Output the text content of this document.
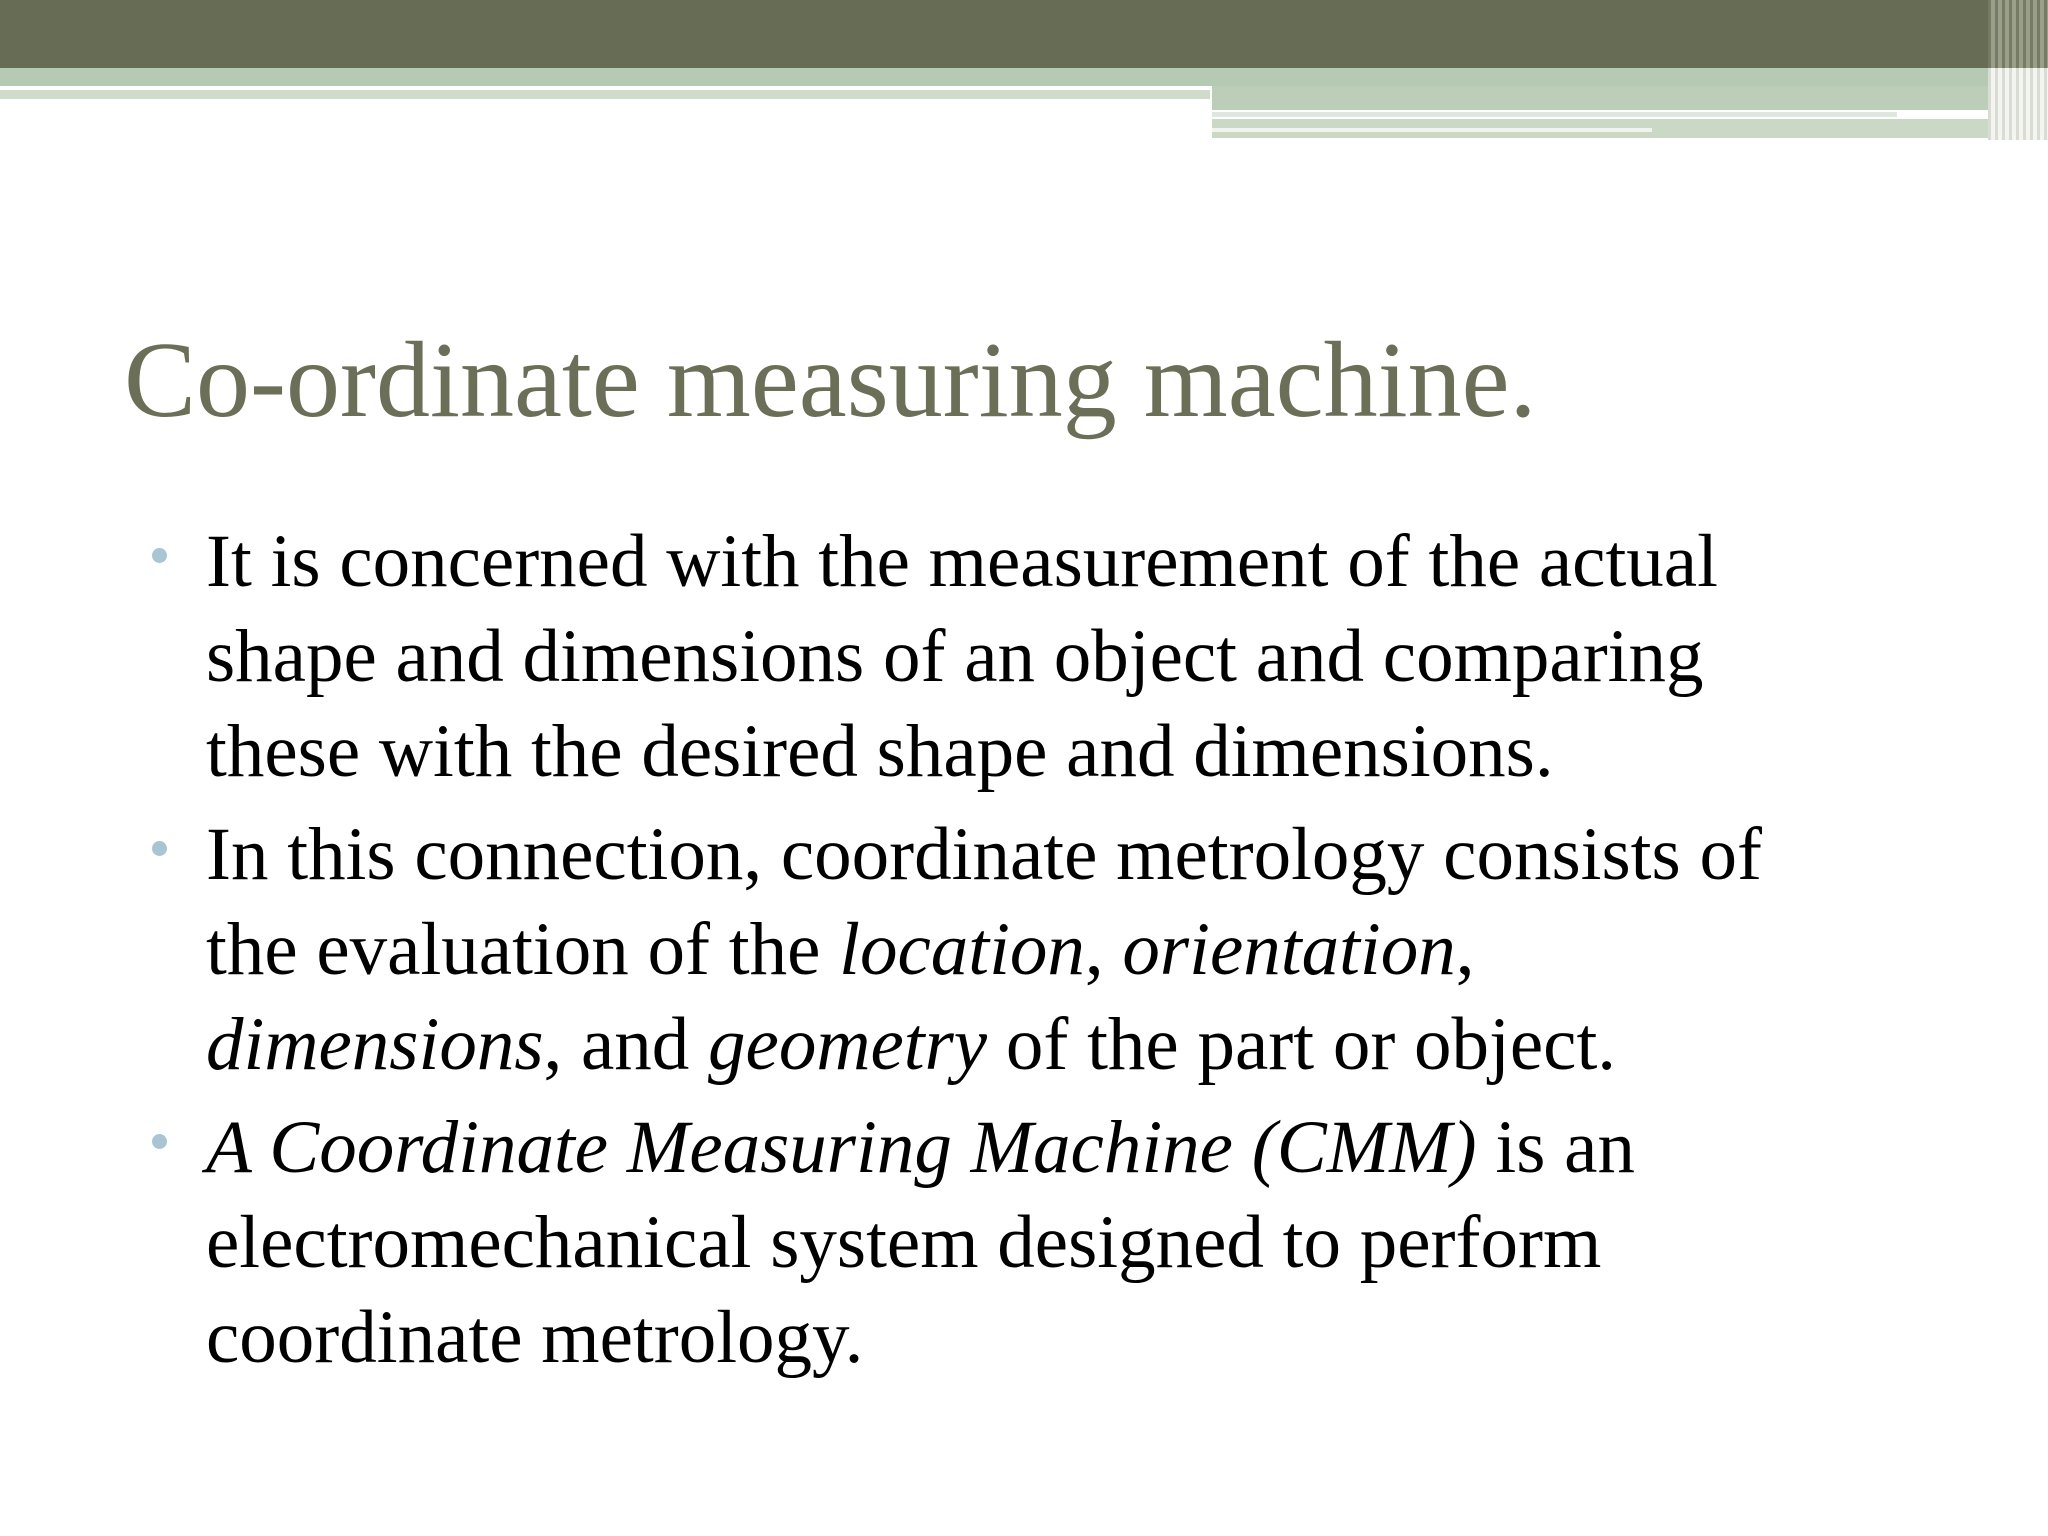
Co-ordinate measuring machine.
It is concerned with the measurement of the actual
shape and dimensions of an object and comparing
these with the desired shape and dimensions.
In this connection, coordinate metrology consists of
the evaluation of the location, orientation,
dimensions, and geometry of the part or object.
A Coordinate Measuring Machine (CMM) is an
electromechanical system designed to perform
coordinate metrology.
